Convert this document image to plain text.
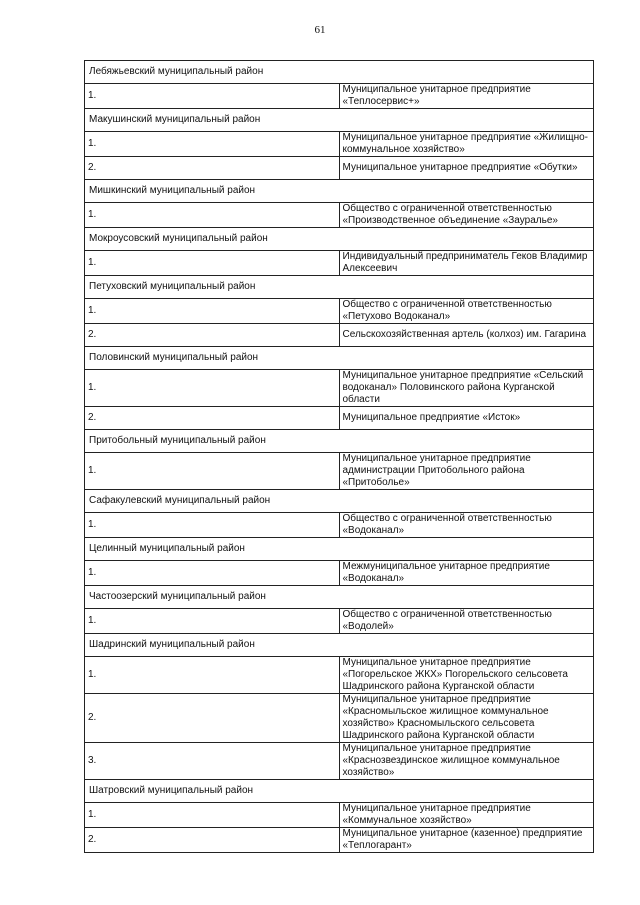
61
Лебяжьевский муниципальный район	
1.	Муниципальное унитарное предприятие «Теплосервис+»
Макушинский муниципальный район	
1.	Муниципальное унитарное предприятие «Жилищно-коммунальное хозяйство»
2.	Муниципальное унитарное предприятие «Обутки»
Мишкинский муниципальный район	
1.	Общество с ограниченной ответственностью «Производственное объединение «Зауралье»
Мокроусовский муниципальный район	
1.	Индивидуальный предприниматель Геков Владимир Алексеевич
Петуховский муниципальный район	
1.	Общество с ограниченной ответственностью «Петухово Водоканал»
2.	Сельскохозяйственная артель (колхоз) им. Гагарина
Половинский муниципальный район	
1.	Муниципальное унитарное предприятие «Сельский водоканал» Половинского района Курганской области
2.	Муниципальное предприятие «Исток»
Притобольный муниципальный район	
1.	Муниципальное унитарное предприятие администрации Притобольного района «Притоболье»
Сафакулевский муниципальный район	
1.	Общество с ограниченной ответственностью «Водоканал»
Целинный муниципальный район	
1.	Межмуниципальное унитарное предприятие «Водоканал»
Частоозерский муниципальный район	
1.	Общество с ограниченной ответственностью «Водолей»
Шадринский муниципальный район	
1.	Муниципальное унитарное предприятие «Погорельское ЖКХ» Погорельского сельсовета Шадринского района Курганской области
2.	Муниципальное унитарное предприятие «Красномыльское жилищное коммунальное хозяйство» Красномыльского сельсовета Шадринского района Курганской области
3.	Муниципальное унитарное предприятие «Краснозвездинское жилищное коммунальное хозяйство»
Шатровский муниципальный район	
1.	Муниципальное унитарное предприятие «Коммунальное хозяйство»
2.	Муниципальное унитарное (казенное) предприятие «Теплогарант»
